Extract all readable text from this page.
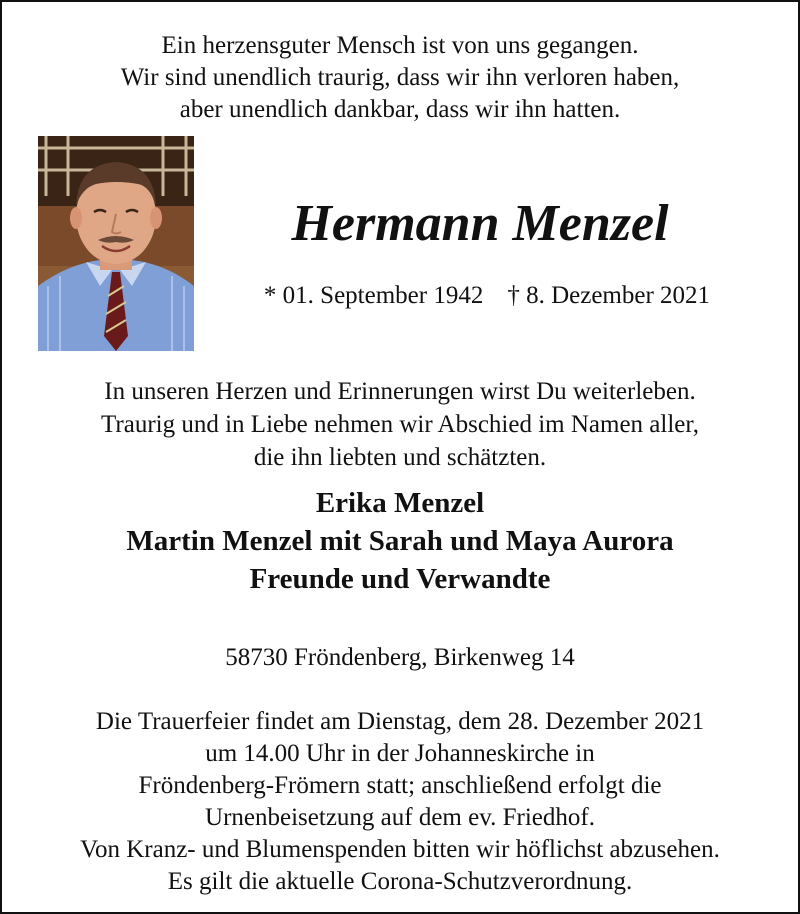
Ein herzensguter Mensch ist von uns gegangen.
Wir sind unendlich traurig, dass wir ihn verloren haben,
aber unendlich dankbar, dass wir ihn hatten.
Hermann Menzel
* 01. September 1942 † 8. Dezember 2021
In unseren Herzen und Erinnerungen wirst Du weiterleben.
Traurig und in Liebe nehmen wir Abschied im Namen aller,
die ihn liebten und schätzten.
Erika Menzel
Martin Menzel mit Sarah und Maya Aurora
Freunde und Verwandte
58730 Fröndenberg, Birkenweg 14
Die Trauerfeier findet am Dienstag, dem 28. Dezember 2021
um 14.00 Uhr in der Johanneskirche in
Fröndenberg-Frömern statt; anschließend erfolgt die
Urnenbeisetzung auf dem ev. Friedhof.
Von Kranz- und Blumenspenden bitten wir höflichst abzusehen.
Es gilt die aktuelle Corona-Schutzverordnung.
